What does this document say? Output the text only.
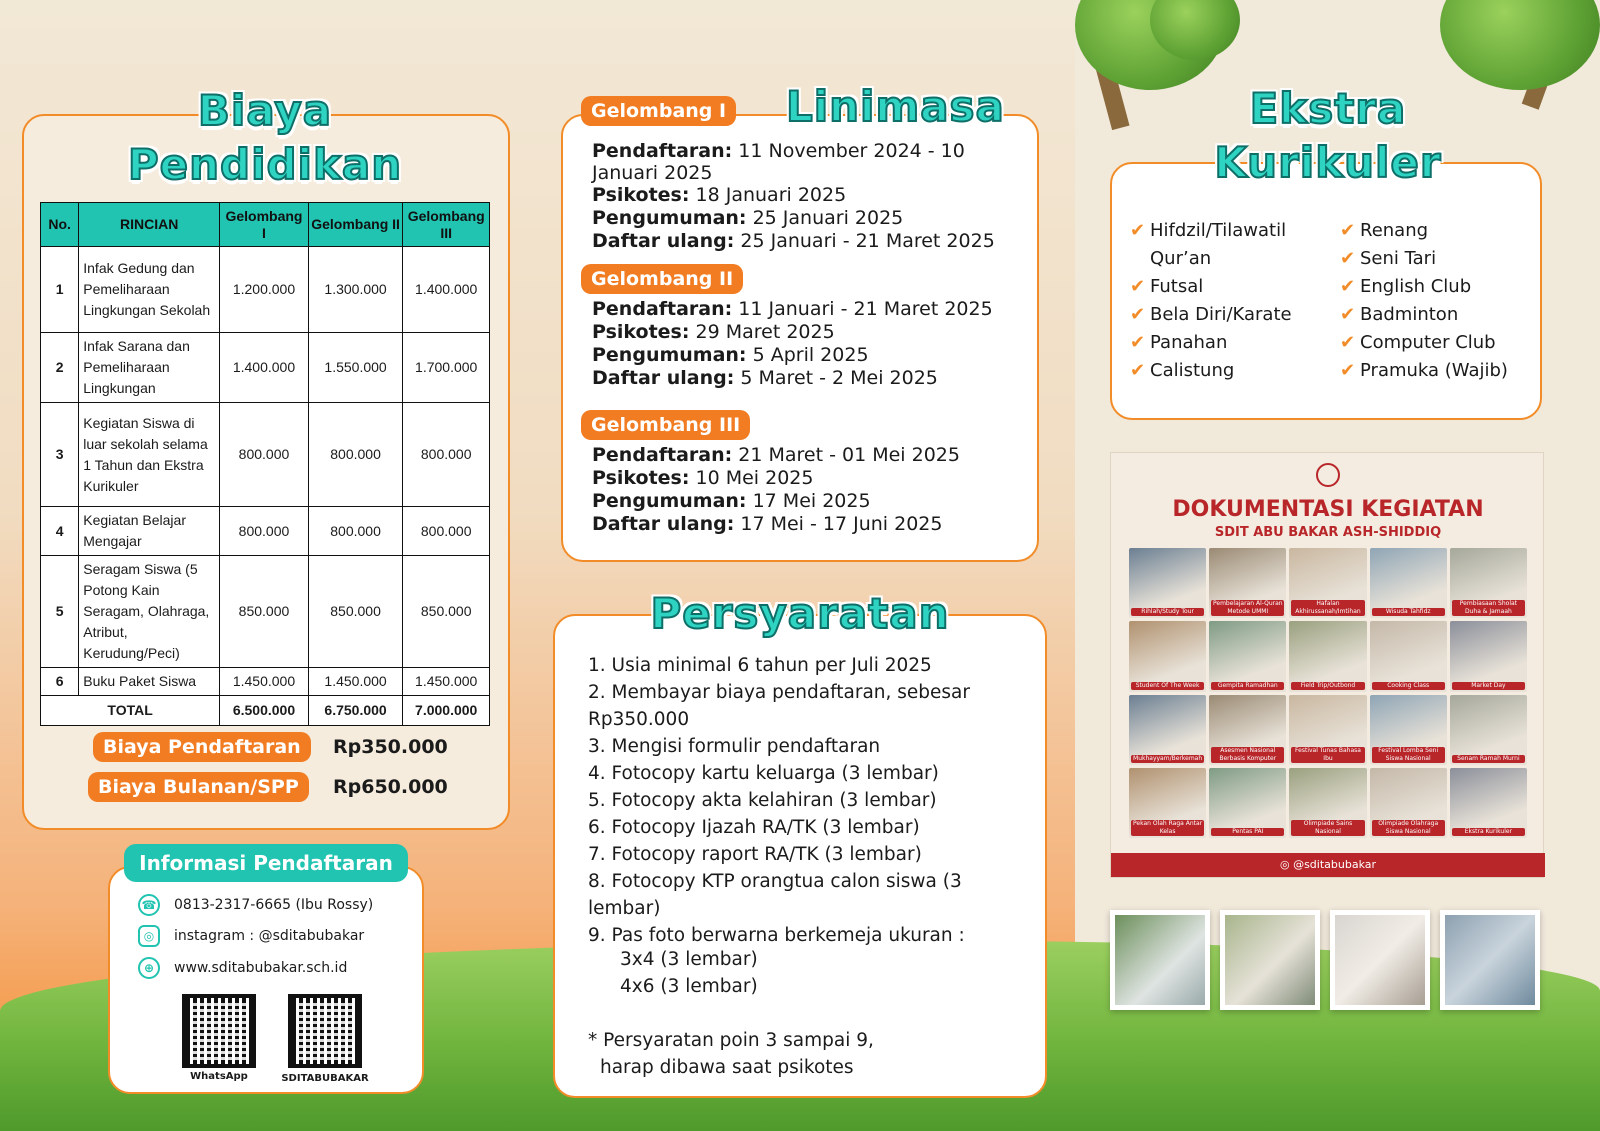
Biaya
Pendidikan
No.	RINCIAN	Gelombang I	Gelombang II	Gelombang III
1	Infak Gedung dan Pemeliharaan Lingkungan Sekolah	1.200.000	1.300.000	1.400.000
2	Infak Sarana dan Pemeliharaan Lingkungan	1.400.000	1.550.000	1.700.000
3	Kegiatan Siswa di luar sekolah selama 1 Tahun dan Ekstra Kurikuler	800.000	800.000	800.000
4	Kegiatan Belajar Mengajar	800.000	800.000	800.000
5	Seragam Siswa (5 Potong Kain Seragam, Olahraga, Atribut, Kerudung/Peci)	850.000	850.000	850.000
6	Buku Paket Siswa	1.450.000	1.450.000	1.450.000
TOTAL		6.500.000	6.750.000	7.000.000
Biaya Pendaftaran	Rp350.000
Biaya Bulanan/SPP	Rp650.000
Informasi Pendaftaran
☎ 0813-2317-6665 (Ibu Rossy)
◎	instagram : @sditabubakar
⊕	www.sditabubakar.sch.id
WhatsApp	SDITABUBAKAR
Linimasa
Gelombang I
Pendaftaran: 11 November 2024 - 10 Januari 2025
Psikotes: 18 Januari 2025
Pengumuman: 25 Januari 2025
Daftar ulang: 25 Januari - 21 Maret 2025
Gelombang II
Pendaftaran: 11 Januari - 21 Maret 2025
Psikotes: 29 Maret 2025
Pengumuman: 5 April 2025
Daftar ulang: 5 Maret - 2 Mei 2025
Gelombang III
Pendaftaran: 21 Maret - 01 Mei 2025
Psikotes: 10 Mei 2025
Pengumuman: 17 Mei 2025
Daftar ulang: 17 Mei - 17 Juni 2025
Persyaratan
1. Usia minimal 6 tahun per Juli 2025
2. Membayar biaya pendaftaran, sebesar Rp350.000
3. Mengisi formulir pendaftaran
4. Fotocopy kartu keluarga (3 lembar)
5. Fotocopy akta kelahiran (3 lembar)
6. Fotocopy Ijazah RA/TK (3 lembar)
7. Fotocopy raport RA/TK (3 lembar)
8. Fotocopy KTP orangtua calon siswa (3 lembar)
9. Pas foto berwarna berkemeja ukuran :
3x4 (3 lembar)
4x6 (3 lembar)
* Persyaratan poin 3 sampai 9,
harap dibawa saat psikotes
Ekstra
Kurikuler
✔ Hifdzil/Tilawatil Qur’an
✔ Futsal
✔ Bela Diri/Karate
✔ Panahan
✔ Calistung
✔ Renang
✔ Seni Tari
✔ English Club
✔ Badminton
✔ Computer Club
✔ Pramuka (Wajib)
DOKUMENTASI KEGIATAN
SDIT ABU BAKAR ASH-SHIDDIQ
Rihlah/Study Tour
Pembelajaran Al-Quran Metode UMMI
Hafalan Akhirussanah/Imtihan	Wisuda Tahfidz
Pembiasaan Sholat Duha & Jamaah
Student Of The Week	Gempita Ramadhan	Field Trip/Outbond	Cooking Class	Market Day
Mukhayyam/Berkemah
Asesmen Nasional Berbasis Komputer
Festival Tunas Bahasa Ibu
Festival Lomba Seni Siswa Nasional	Senam Ramah Murni
Pekan Olah Raga Antar Kelas	Pentas PAI
Olimpiade Sains Nasional
Olimpiade Olahraga Siswa Nasional	Ekstra Kurikuler
◎ @sditabubakar
